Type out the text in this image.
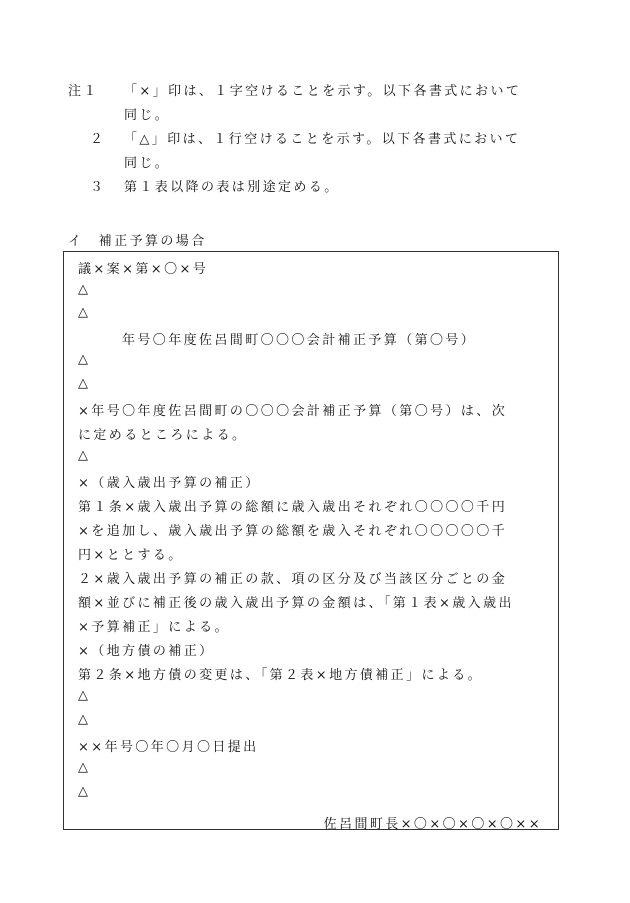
注１ 「×」印は、１字空けることを示す。以下各書式において
同じ。
２ 「△」印は、１行空けることを示す。以下各書式において
同じ。
３ 第１表以降の表は別途定める。
イ　補正予算の場合
議×案×第×〇×号
△
△
年号〇年度佐呂間町〇〇〇会計補正予算（第〇号）
△
△
×年号〇年度佐呂間町の〇〇〇会計補正予算（第〇号）は、次
に定めるところによる。
△
×（歳入歳出予算の補正）
第１条×歳入歳出予算の総額に歳入歳出それぞれ〇〇〇〇千円
×を追加し、歳入歳出予算の総額を歳入それぞれ〇〇〇〇〇千
円×ととする。
２×歳入歳出予算の補正の款、項の区分及び当該区分ごとの金
額×並びに補正後の歳入歳出予算の金額は、「第１表×歳入歳出
×予算補正」による。
×（地方債の補正）
第２条×地方債の変更は、「第２表×地方債補正」による。
△
△
××年号〇年〇月〇日提出
△
△
佐呂間町長×〇×〇×〇×〇××
